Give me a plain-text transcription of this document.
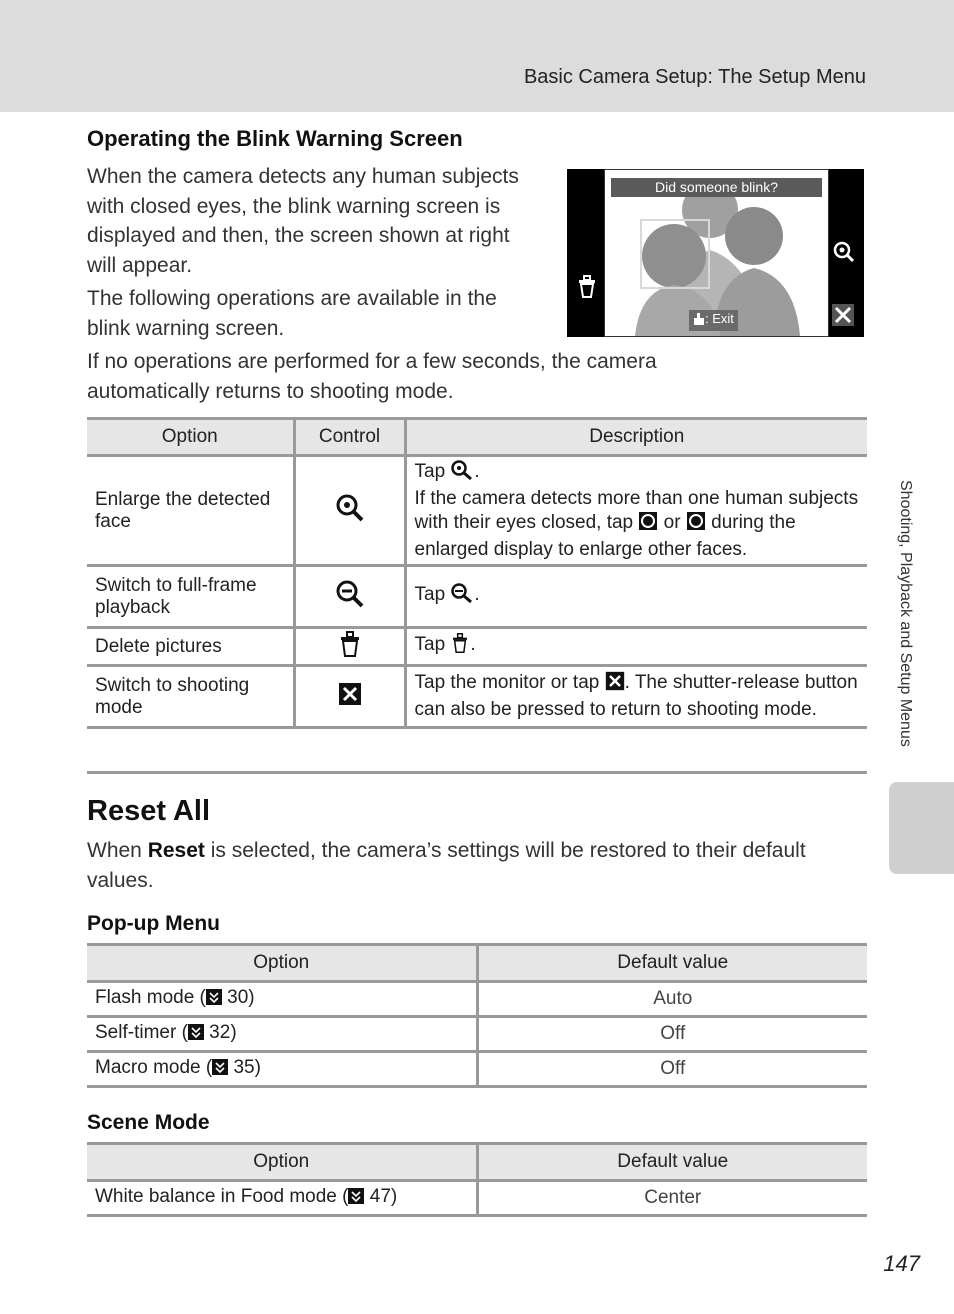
Basic Camera Setup: The Setup Menu
Operating the Blink Warning Screen
When the camera detects any human subjects with closed eyes, the blink warning screen is displayed and then, the screen shown at right will appear.
The following operations are available in the blink warning screen.
If no operations are performed for a few seconds, the camera automatically returns to shooting mode.
Did someone blink?
: Exit
Option	Control	Description
Enlarge the detected face		Tap .
If the camera detects more than one human subjects with their eyes closed, tap  or  during the enlarged display to enlarge other faces.
Switch to full-frame playback		Tap .
Delete pictures		Tap .
Switch to shooting mode		Tap the monitor or tap . The shutter-release button can also be pressed to return to shooting mode.
Reset All
When Reset is selected, the camera’s settings will be restored to their default values.
Pop-up Menu
Option	Default value
Flash mode ( 30)	Auto
Self-timer ( 32)	Off
Macro mode ( 35)	Off
Scene Mode
Option	Default value
White balance in Food mode ( 47)	Center
Shooting, Playback and Setup Menus
147
